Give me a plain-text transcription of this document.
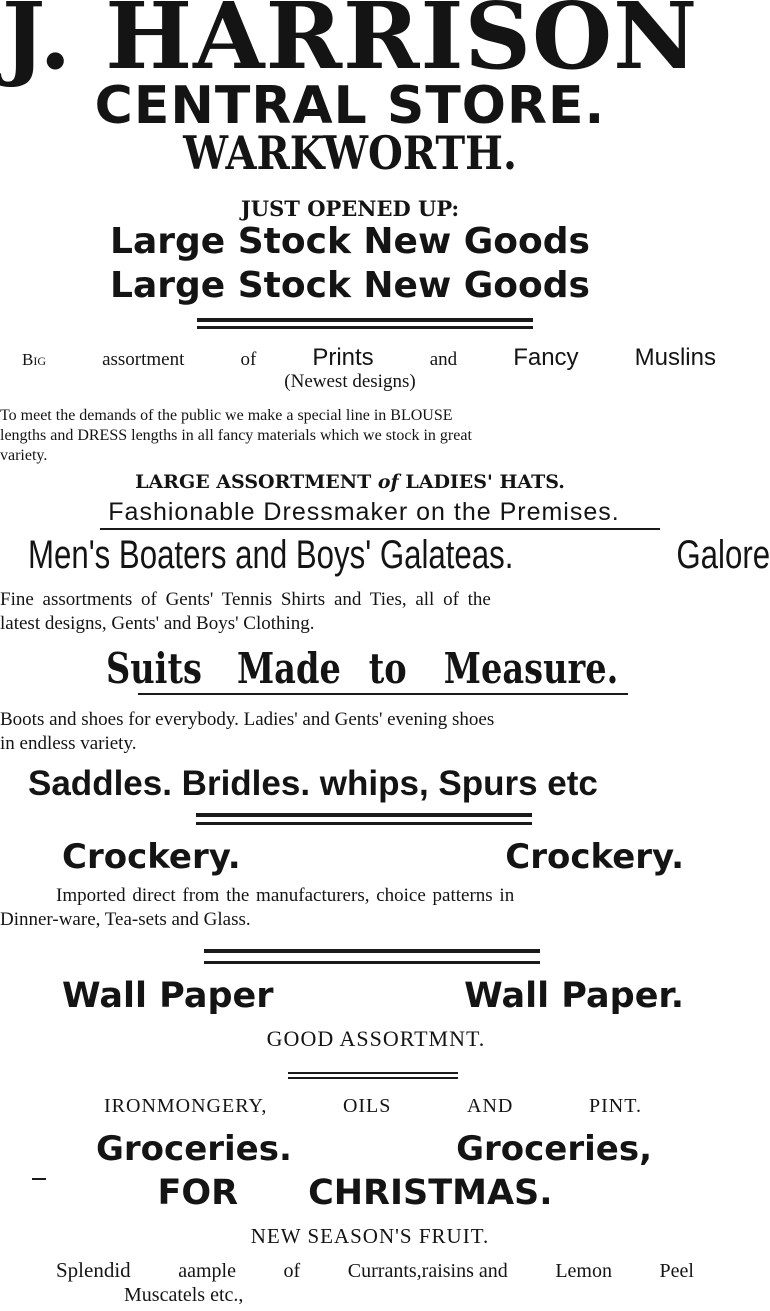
J. HARRISON
CENTRAL STORE.
WARKWORTH.
JUST OPENED UP:
Large Stock New Goods
Large Stock New Goods
Big	assortment	of Prints	and Fancy Muslins
(Newest designs)
To meet the demands of the public we make a special line in BLOUSE
lengths and DRESS lengths in all fancy materials which we stock in great
variety.
LARGE ASSORTMENT of LADIES' HATS.
Fashionable Dressmaker on the Premises.
Men's Boaters and Boys' Galateas.	Galore
Fine assortments of Gents' Tennis Shirts and Ties, all of the
latest designs, Gents' and Boys' Clothing.
Suits Made to Measure.
Boots and shoes for everybody. Ladies' and Gents' evening shoes
in endless variety.
Saddles. Bridles. whips, Spurs etc
Crockery.	Crockery.
Imported direct from the manufacturers, choice patterns in
Dinner-ware, Tea-sets and Glass.
Wall Paper	Wall Paper.
GOOD ASSORTMNT.
IRONMONGERY,	OILS	AND	PINT.
Groceries.	Groceries,
FOR CHRISTMAS.
NEW SEASON'S FRUIT.
Splendid aample of Currants,raisins and Lemon Peel
Muscatels etc.,
